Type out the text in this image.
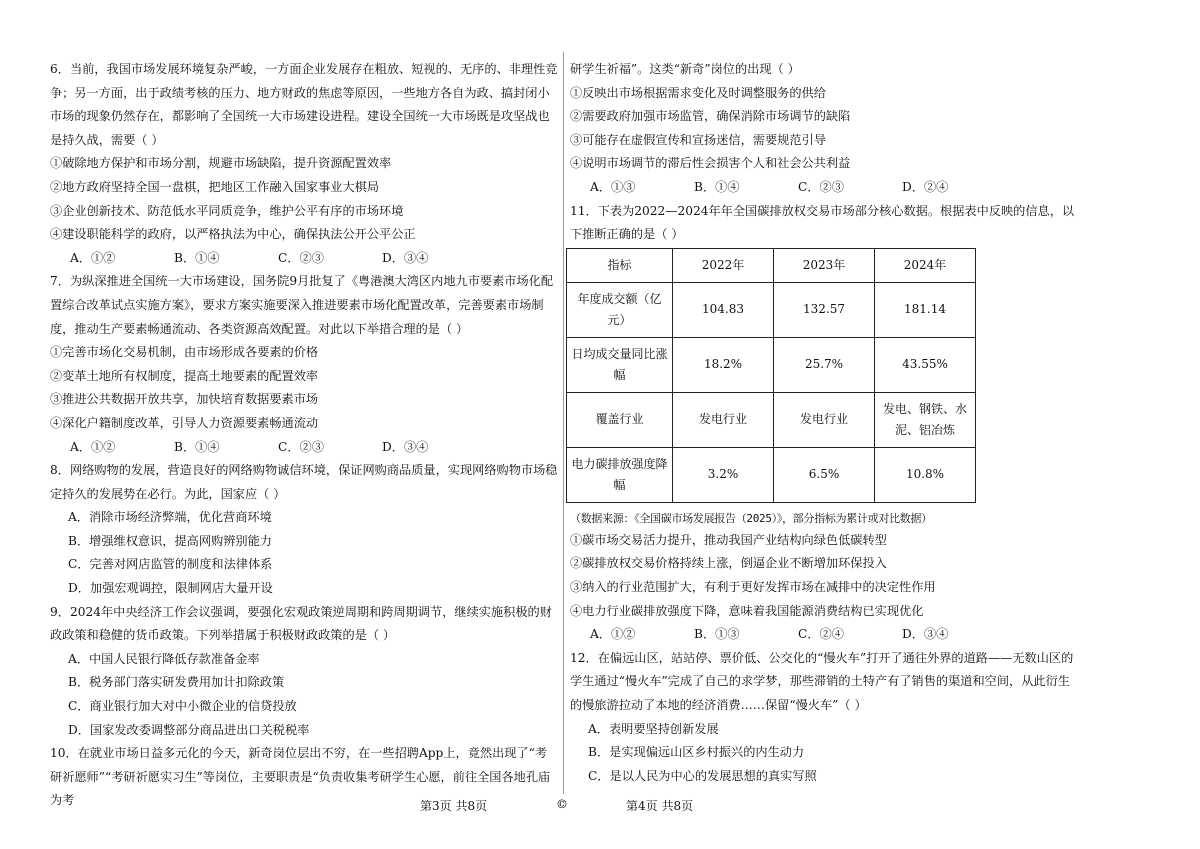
6．当前，我国市场发展环境复杂严峻，一方面企业发展存在粗放、短视的、无序的、非理性竞争；另一方面，出于政绩考核的压力、地方财政的焦虑等原因，一些地方各自为政、搞封闭小市场的现象仍然存在，都影响了全国统一大市场建设进程。建设全国统一大市场既是攻坚战也是持久战，需要（ ）

①破除地方保护和市场分割，规避市场缺陷，提升资源配置效率

②地方政府坚持全国一盘棋，把地区工作融入国家事业大棋局

③企业创新技术、防范低水平同质竞争，维护公平有序的市场环境

④建设职能科学的政府，以严格执法为中心，确保执法公开公平公正

A．①②	B．①④	C．②③	D．③④

7．为纵深推进全国统一大市场建设，国务院9月批复了《粤港澳大湾区内地九市要素市场化配置综合改革试点实施方案》，要求方案实施要深入推进要素市场化配置改革，完善要素市场制度，推动生产要素畅通流动、各类资源高效配置。对此以下举措合理的是（ ）

①完善市场化交易机制，由市场形成各要素的价格

②变革土地所有权制度，提高土地要素的配置效率

③推进公共数据开放共享，加快培育数据要素市场

④深化户籍制度改革，引导人力资源要素畅通流动

A．①②	B．①④	C．②③	D．③④

8．网络购物的发展，营造良好的网络购物诚信环境，保证网购商品质量，实现网络购物市场稳定持久的发展势在必行。为此，国家应（ ）

A．消除市场经济弊端，优化营商环境

B．增强维权意识，提高网购辨别能力

C．完善对网店监管的制度和法律体系

D．加强宏观调控，限制网店大量开设

9．2024年中央经济工作会议强调，要强化宏观政策逆周期和跨周期调节，继续实施积极的财政政策和稳健的货币政策。下列举措属于积极财政政策的是（ ）

A．中国人民银行降低存款准备金率

B．税务部门落实研发费用加计扣除政策

C．商业银行加大对中小微企业的信贷投放

D．国家发改委调整部分商品进出口关税税率

10．在就业市场日益多元化的今天，新奇岗位层出不穷，在一些招聘App上，竟然出现了“考研祈愿师”“考研祈愿实习生”等岗位，主要职责是“负责收集考研学生心愿，前往全国各地孔庙为考

研学生祈福”。这类“新奇”岗位的出现（ ）

①反映出市场根据需求变化及时调整服务的供给

②需要政府加强市场监管，确保消除市场调节的缺陷

③可能存在虚假宣传和宣扬迷信，需要规范引导

④说明市场调节的滞后性会损害个人和社会公共利益

A．①③	B．①④	C．②③	D．②④

11．下表为2022—2024年年全国碳排放权交易市场部分核心数据。根据表中反映的信息，以下推断正确的是（ ）

指标	2022年	2023年	2024年
年度成交额（亿元）	104.83	132.57	181.14
日均成交量同比涨幅	18.2%	25.7%	43.55%
覆盖行业	发电行业	发电行业	发电、钢铁、水泥、铝冶炼
电力碳排放强度降幅	3.2%	6.5%	10.8%

（数据来源：《全国碳市场发展报告（2025）》，部分指标为累计或对比数据）

①碳市场交易活力提升，推动我国产业结构向绿色低碳转型

②碳排放权交易价格持续上涨，倒逼企业不断增加环保投入

③纳入的行业范围扩大，有利于更好发挥市场在减排中的决定性作用

④电力行业碳排放强度下降，意味着我国能源消费结构已实现优化

A．①②	B．①③	C．②④	D．③④

12．在偏远山区，站站停、票价低、公交化的“慢火车”打开了通往外界的道路——无数山区的学生通过“慢火车”完成了自己的求学梦，那些滞销的土特产有了销售的渠道和空间，从此衍生的慢旅游拉动了本地的经济消费……保留“慢火车”（ ）

A．表明要坚持创新发展

B．是实现偏远山区乡村振兴的内生动力

C．是以人民为中心的发展思想的真实写照

第3页 共8页	©	第4页 共8页
